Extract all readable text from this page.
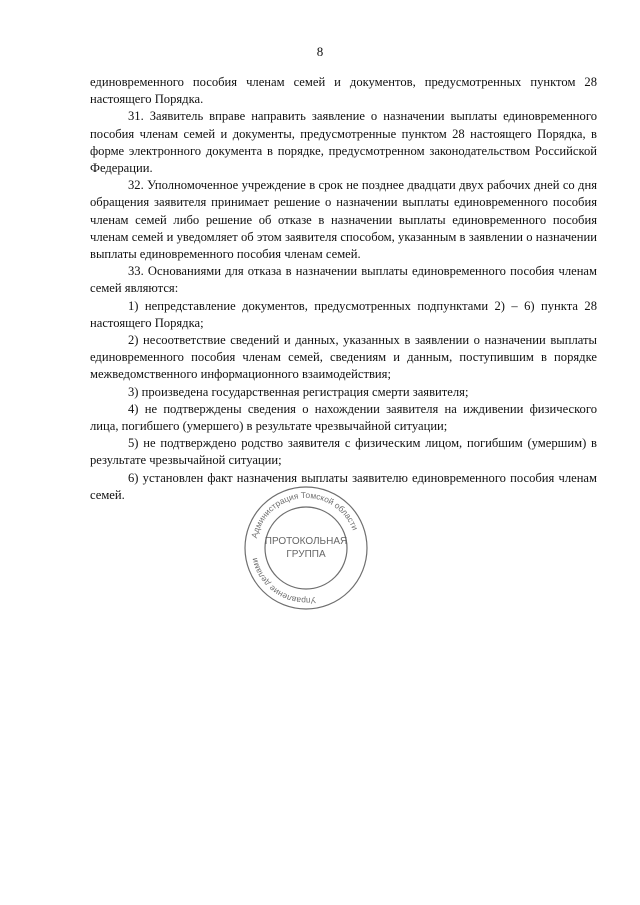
8

единовременного пособия членам семей и документов, предусмотренных пунктом 28 настоящего Порядка.

31. Заявитель вправе направить заявление о назначении выплаты единовременного пособия членам семей и документы, предусмотренные пунктом 28 настоящего Порядка, в форме электронного документа в порядке, предусмотренном законодательством Российской Федерации.

32. Уполномоченное учреждение в срок не позднее двадцати двух рабочих дней со дня обращения заявителя принимает решение о назначении выплаты единовременного пособия членам семей либо решение об отказе в назначении выплаты единовременного пособия членам семей и уведомляет об этом заявителя способом, указанным в заявлении о назначении выплаты единовременного пособия членам семей.

33. Основаниями для отказа в назначении выплаты единовременного пособия членам семей являются:

1) непредставление документов, предусмотренных подпунктами 2) – 6) пункта 28 настоящего Порядка;

2) несоответствие сведений и данных, указанных в заявлении о назначении выплаты единовременного пособия членам семей, сведениям и данным, поступившим в порядке межведомственного информационного взаимодействия;

3) произведена государственная регистрация смерти заявителя;

4) не подтверждены сведения о нахождении заявителя на иждивении физического лица, погибшего (умершего) в результате чрезвычайной ситуации;

5) не подтверждено родство заявителя с физическим лицом, погибшим (умершим) в результате чрезвычайной ситуации;

6) установлен факт назначения выплаты заявителю единовременного пособия членам семей.

Администрация Томской области
Управление делами
ПРОТОКОЛЬНАЯ
ГРУППА
